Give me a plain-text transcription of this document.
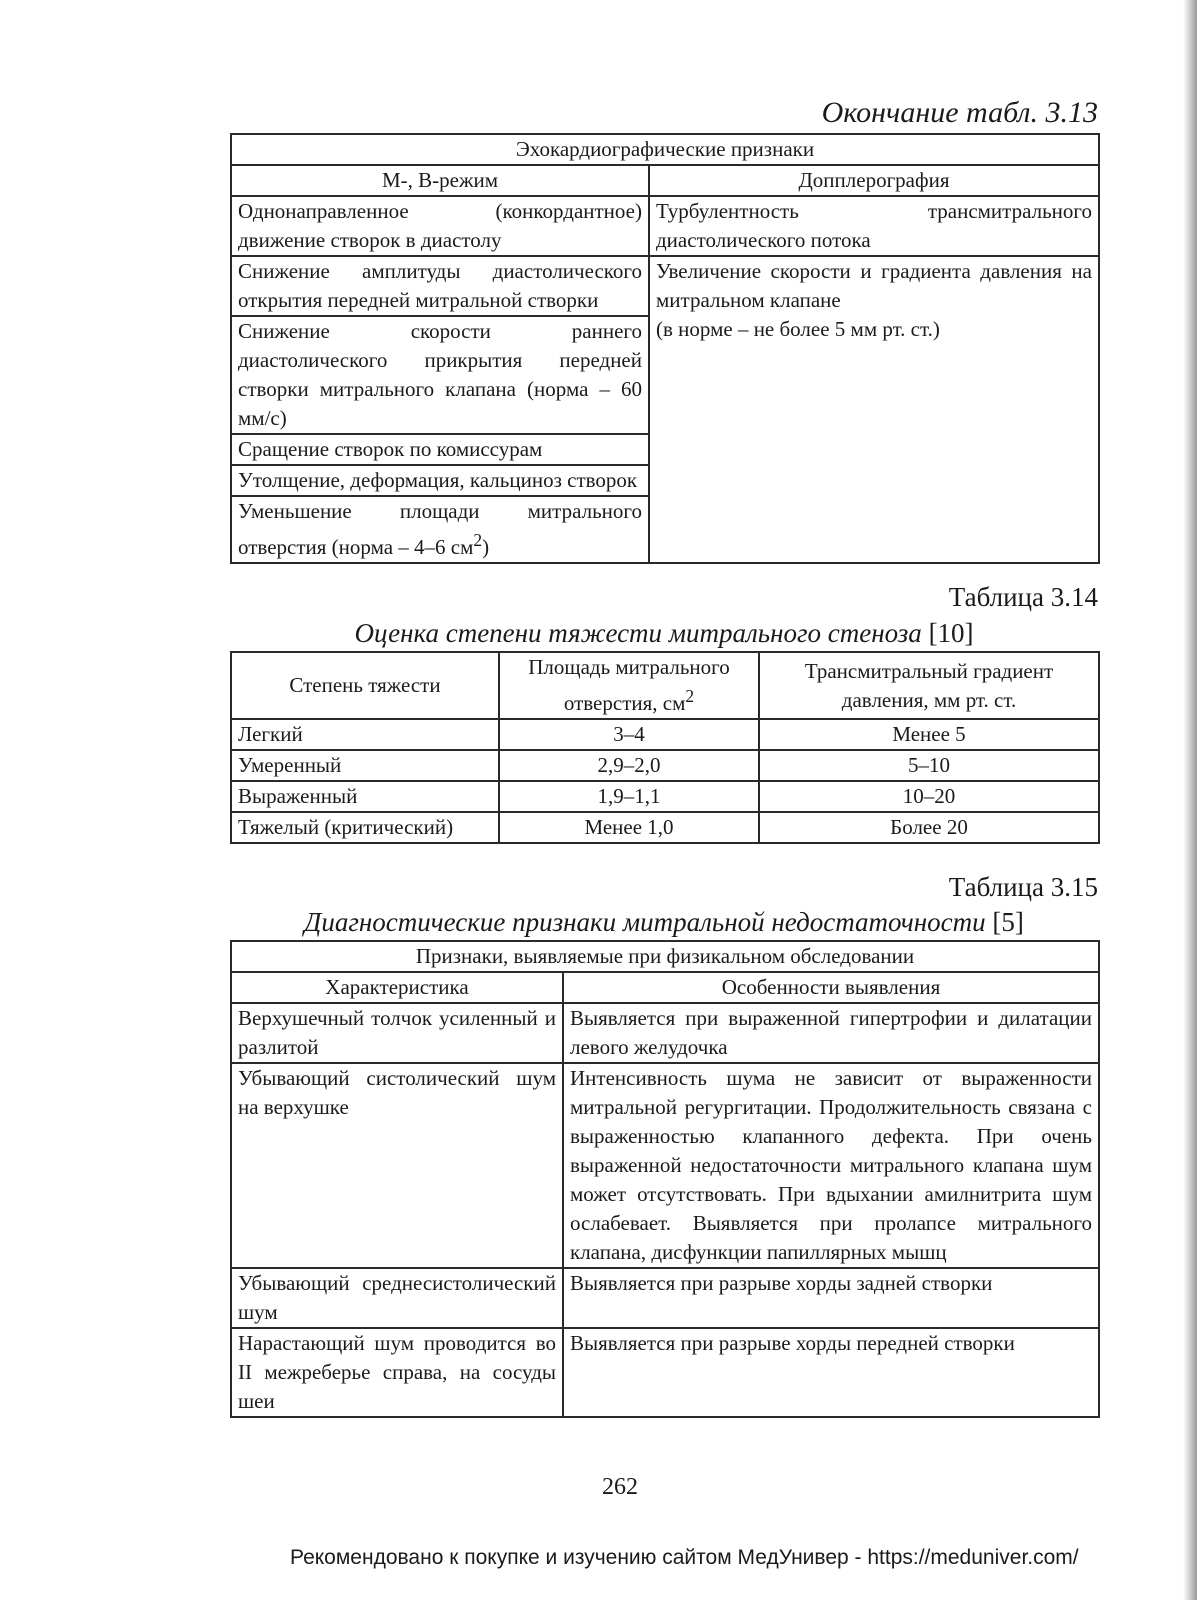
Окончание табл. 3.13
Эхокардиографические признаки	
М-, В-режим	Допплерография
Однонаправленное (конкордантное) движение створок в диастолу	Турбулентность трансмитрального диастолического потока
Снижение амплитуды диастолического открытия передней митральной створки	Увеличение скорости и градиента давления на митральном клапане
(в норме – не более 5 мм рт. ст.)

Снижение скорости раннего диастолического прикрытия передней створки митрального клапана (норма – 60 мм/с)	
Сращение створок по комиссурам	
Утолщение, деформация, кальциноз створок	
Уменьшение площади митрального отверстия (норма – 4–6 $см^2$)	
Таблица 3.14
Оценка степени тяжести митрального стеноза [10]
Степень тяжести	Площадь митрального отверстия, $см^2$	Трансмитральный градиент давления, мм рт. ст.
Легкий	3–4	Менее 5
Умеренный	2,9–2,0	5–10
Выраженный	1,9–1,1	10–20
Тяжелый (критический)	Менее 1,0	Более 20
Таблица 3.15
Диагностические признаки митральной недостаточности [5]
Признаки, выявляемые при физикальном обследовании	
Характеристика	Особенности выявления
Верхушечный толчок усиленный и разлитой	Выявляется при выраженной гипертрофии и дилатации левого желудочка
Убывающий систолический шум на верхушке	Интенсивность шума не зависит от выраженности митральной регургитации. Продолжительность связана с выраженностью клапанного дефекта. При очень выраженной недостаточности митрального клапана шум может отсутствовать. При вдыхании амилнитрита шум ослабевает. Выявляется при пролапсе митрального клапана, дисфункции папиллярных мышц
Убывающий среднесистолический шум	Выявляется при разрыве хорды задней створки
Нарастающий шум проводится во II межреберье справа, на сосуды шеи	Выявляется при разрыве хорды передней створки
262
Рекомендовано к покупке и изучению сайтом МедУнивер - https://meduniver.com/
